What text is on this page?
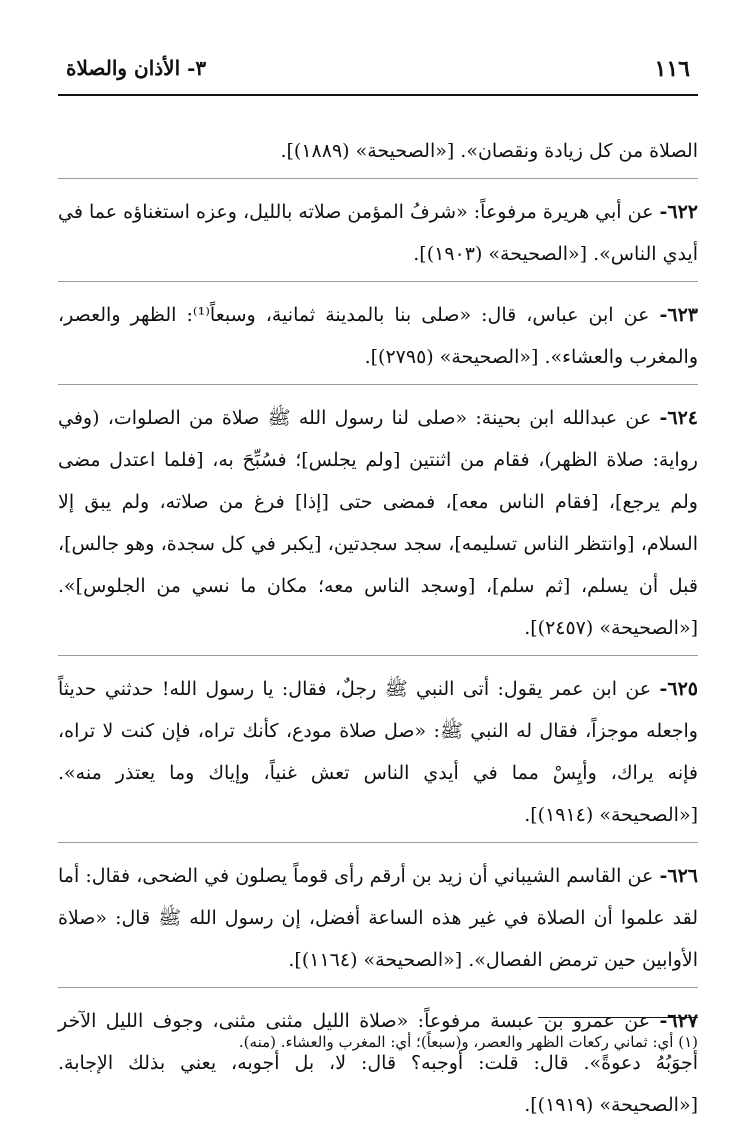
١١٦
٣- الأذان والصلاة

الصلاة من كل زيادة ونقصان». [«الصحيحة» (١٨٨٩)].

٦٢٢- عن أبي هريرة مرفوعاً: «شرفُ المؤمن صلاته بالليل، وعزه استغناؤه عما في أيدي الناس». [«الصحيحة» (١٩٠٣)].

٦٢٣- عن ابن عباس، قال: «صلى بنا بالمدينة ثمانية، وسبعاً⁽¹⁾: الظهر والعصر، والمغرب والعشاء». [«الصحيحة» (٢٧٩٥)].

٦٢٤- عن عبدالله ابن بحينة: «صلى لنا رسول الله ﷺ صلاة من الصلوات، (وفي رواية: صلاة الظهر)، فقام من اثنتين [ولم يجلس]؛ فسُبِّحَ به، [فلما اعتدل مضى ولم يرجع]، [فقام الناس معه]، فمضى حتى [إذا] فرغ من صلاته، ولم يبق إلا السلام، [وانتظر الناس تسليمه]، سجد سجدتين، [يكبر في كل سجدة، وهو جالس]، قبل أن يسلم، [ثم سلم]، [وسجد الناس معه؛ مكان ما نسي من الجلوس]». [«الصحيحة» (٢٤٥٧)].

٦٢٥- عن ابن عمر يقول: أتى النبي ﷺ رجلٌ، فقال: يا رسول الله! حدثني حديثاً واجعله موجزاً، فقال له النبي ﷺ: «صل صلاة مودع، كأنك تراه، فإن كنت لا تراه، فإنه يراك، وأيِسْ مما في أيدي الناس تعش غنياً، وإياك وما يعتذر منه». [«الصحيحة» (١٩١٤)].

٦٢٦- عن القاسم الشيباني أن زيد بن أرقم رأى قوماً يصلون في الضحى، فقال: أما لقد علموا أن الصلاة في غير هذه الساعة أفضل، إن رسول الله ﷺ قال: «صلاة الأوابين حين ترمض الفصال». [«الصحيحة» (١١٦٤)].

٦٢٧- عن عمرو بن عبسة مرفوعاً: «صلاة الليل مثنى مثنى، وجوف الليل الآخر أجوَبُهُ دعوةً». قال: قلت: أوجبه؟ قال: لا، بل أجوبه، يعني بذلك الإجابة. [«الصحيحة» (١٩١٩)].

(١) أي: ثماني ركعات الظهر والعصر، و(سبعاً)؛ أي: المغرب والعشاء. (منه).
